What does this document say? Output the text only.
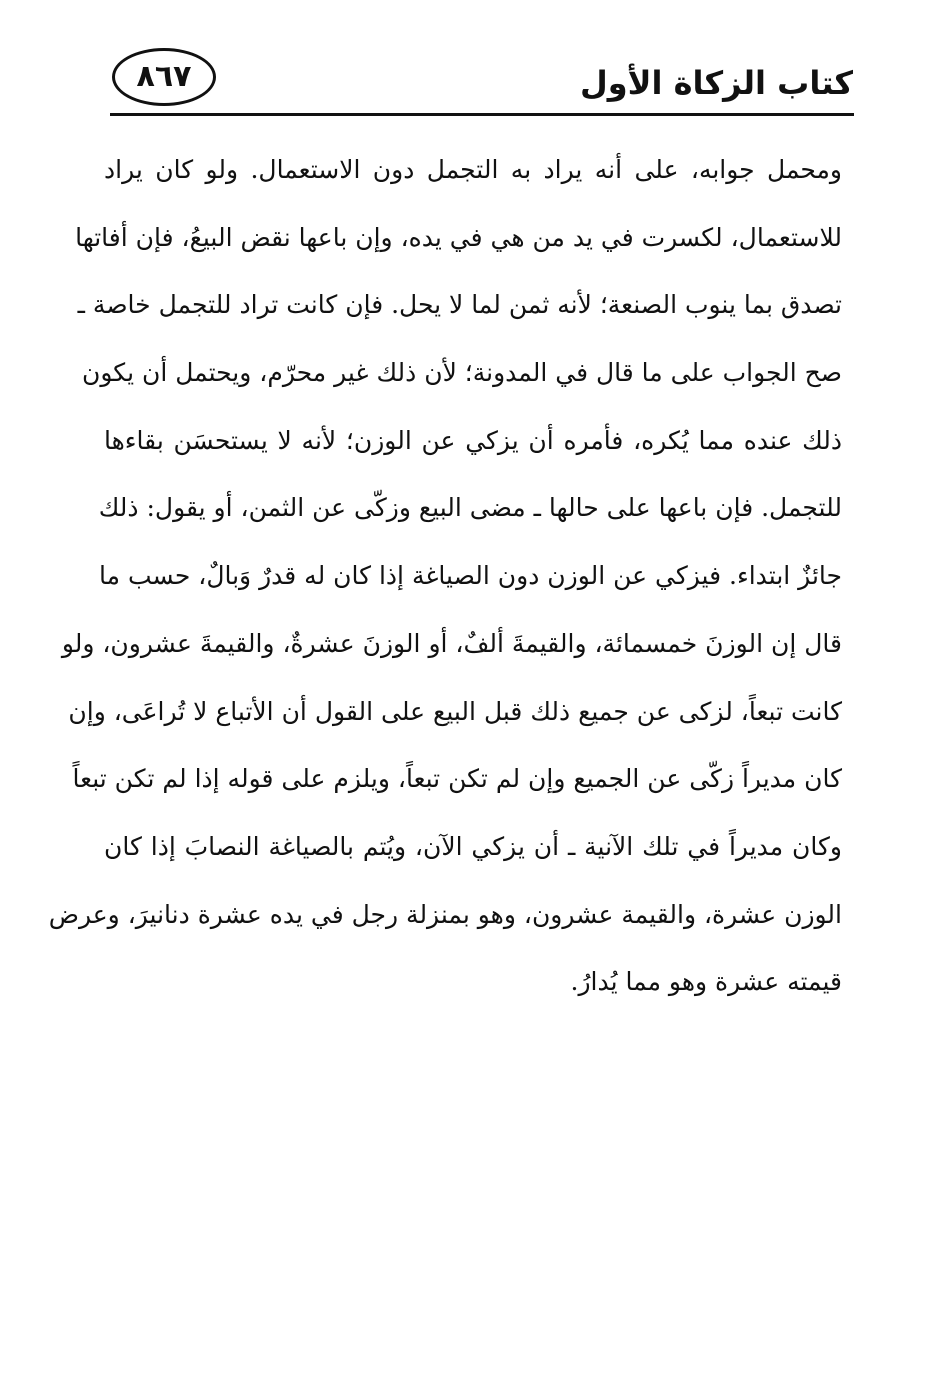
٨٦٧	كتاب الزكاة الأول
ومحمل جوابه، على أنه يراد به التجمل دون الاستعمال. ولو كان يراد
للاستعمال، لكسرت في يد من هي في يده، وإن باعها نقض البيعُ، فإن أفاتها
تصدق بما ينوب الصنعة؛ لأنه ثمن لما لا يحل. فإن كانت تراد للتجمل خاصة ـ
صح الجواب على ما قال في المدونة؛ لأن ذلك غير محرّم، ويحتمل أن يكون
ذلك عنده مما يُكره، فأمره أن يزكي عن الوزن؛ لأنه لا يستحسَن بقاءها
للتجمل. فإن باعها على حالها ـ مضى البيع وزكّى عن الثمن، أو يقول: ذلك
جائزٌ ابتداء. فيزكي عن الوزن دون الصياغة إذا كان له قدرٌ وَبالٌ، حسب ما
قال إن الوزنَ خمسمائة، والقيمةَ ألفٌ، أو الوزنَ عشرةٌ، والقيمةَ عشرون، ولو
كانت تبعاً، لزكى عن جميع ذلك قبل البيع على القول أن الأتباع لا تُراعَى، وإن
كان مديراً زكّى عن الجميع وإن لم تكن تبعاً، ويلزم على قوله إذا لم تكن تبعاً
وكان مديراً في تلك الآنية ـ أن يزكي الآن، ويُتم بالصياغة النصابَ إذا كان
الوزن عشرة، والقيمة عشرون، وهو بمنزلة رجل في يده عشرة دنانيرَ، وعرض
قيمته عشرة وهو مما يُدارُ.
